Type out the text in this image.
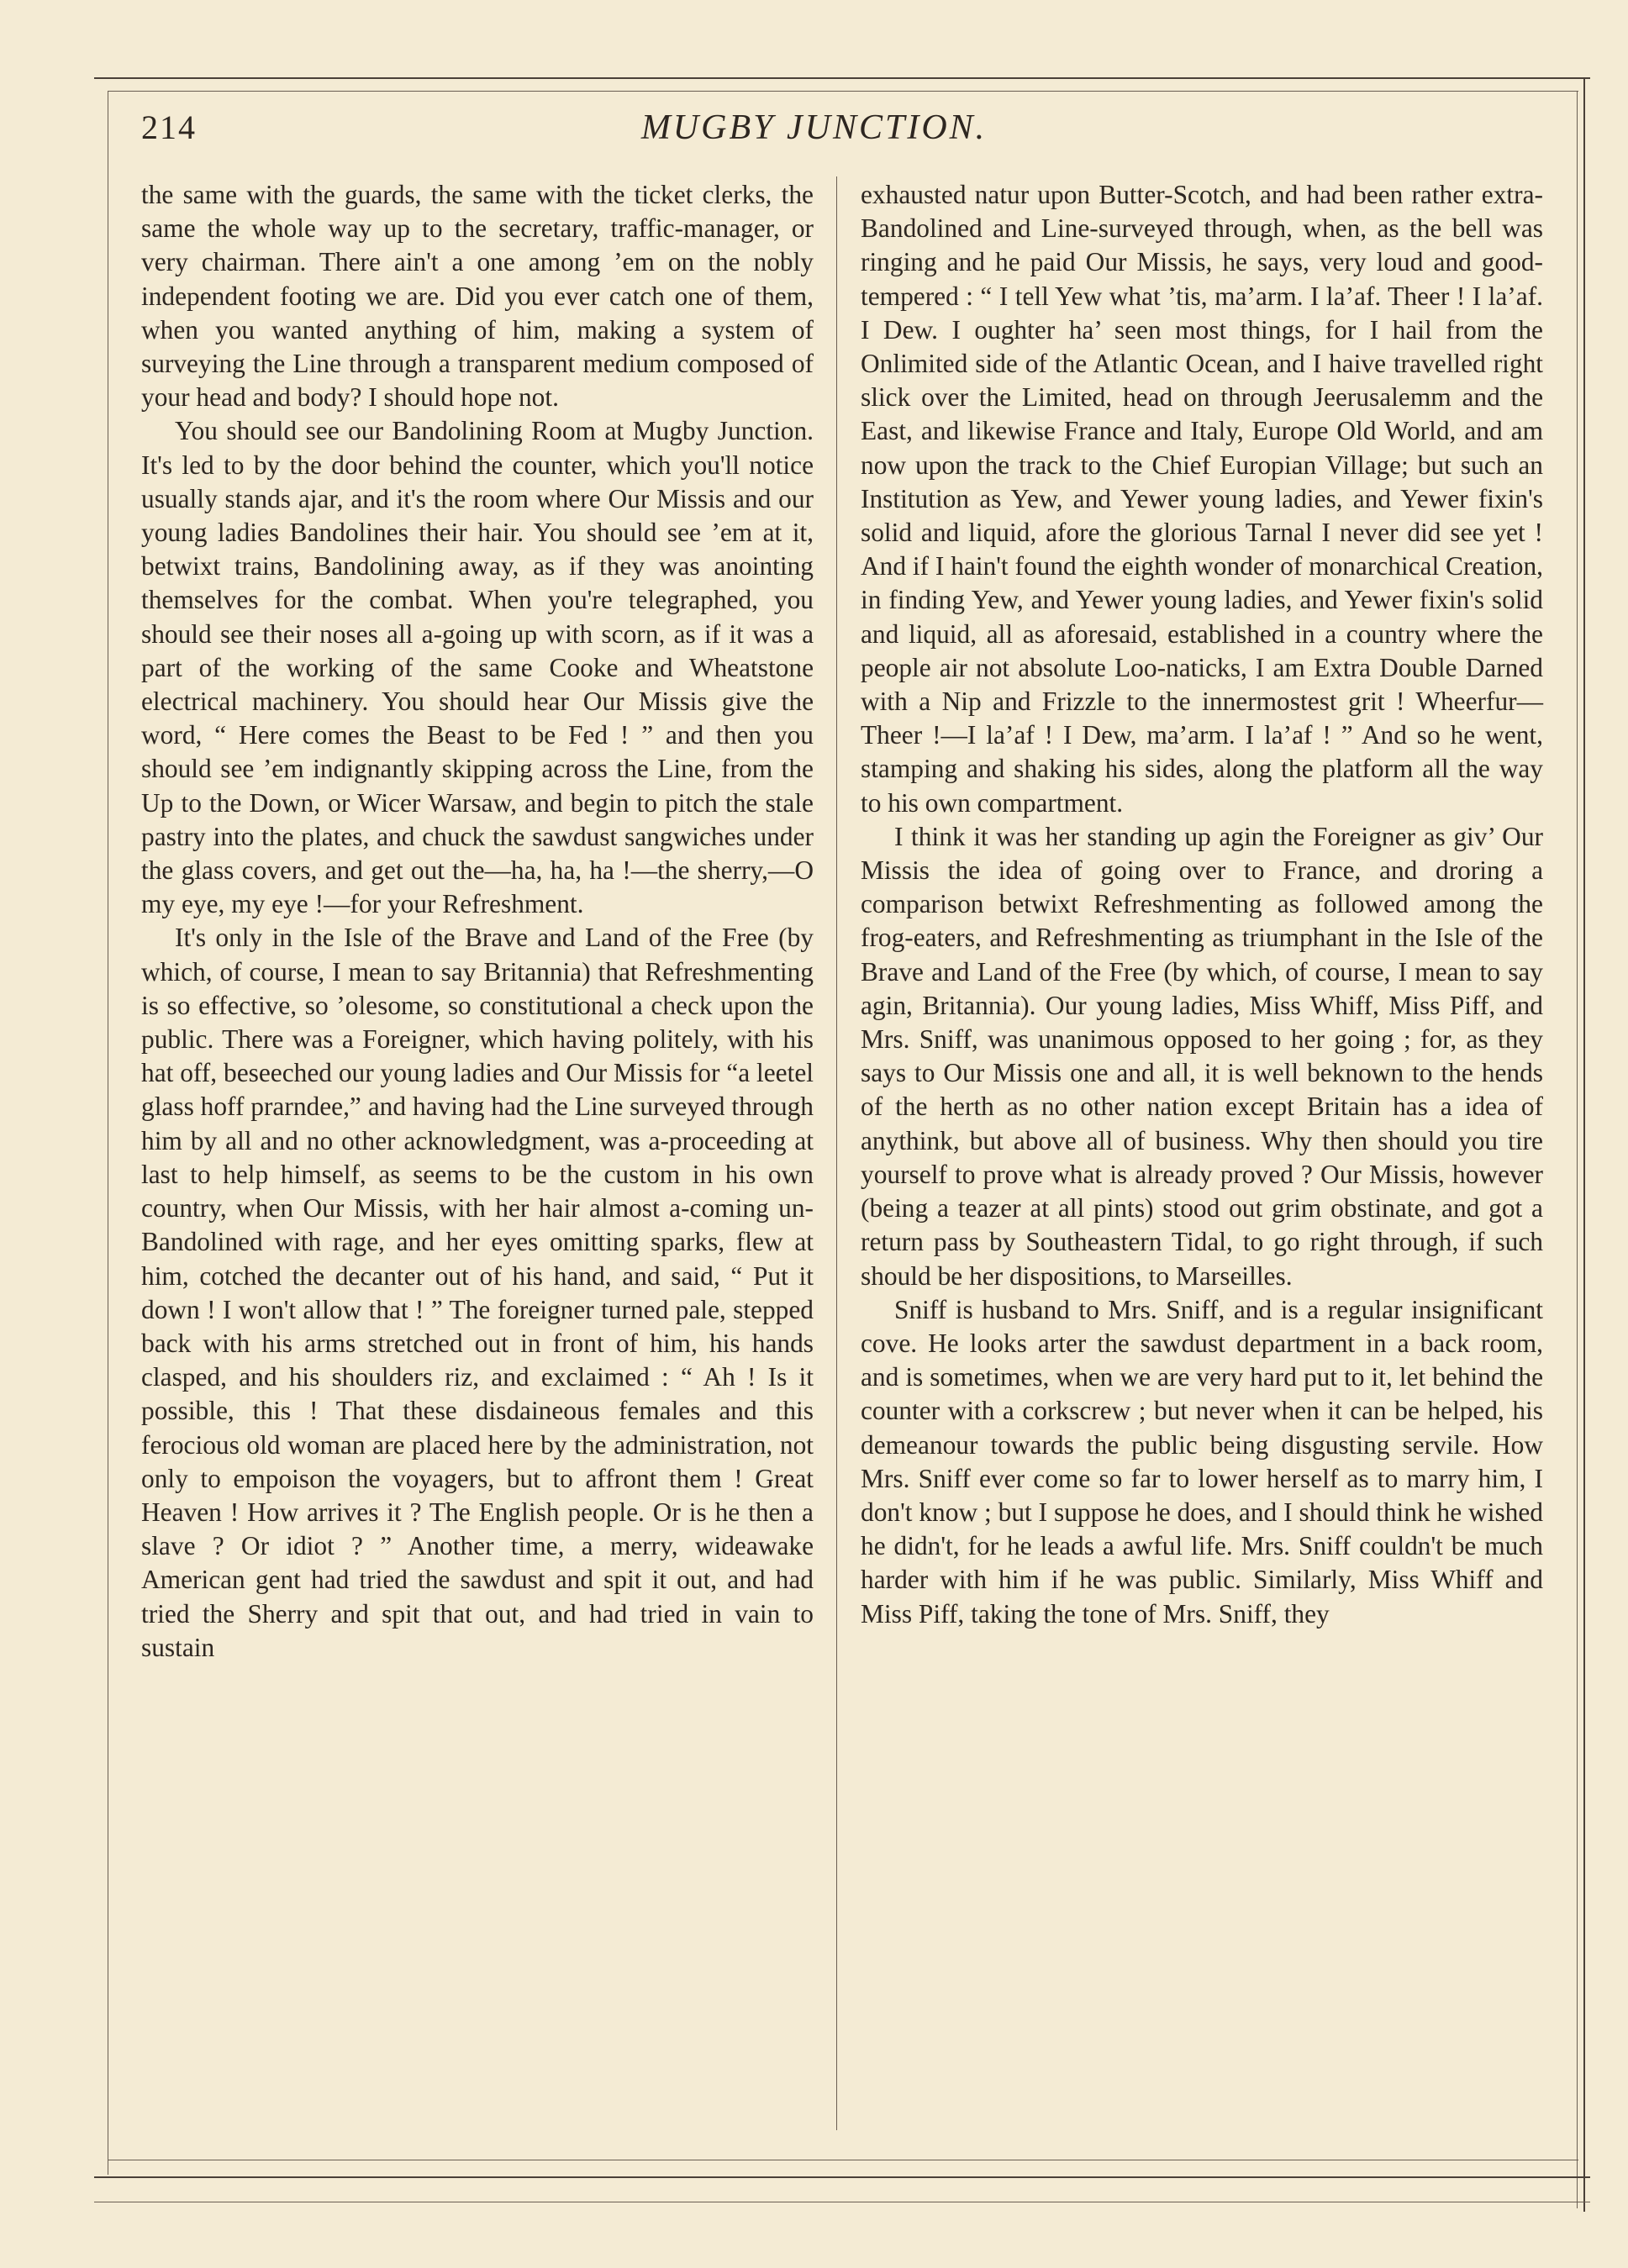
214	MUGBY JUNCTION.

the same with the guards, the same with the ticket clerks, the same the whole way up to the secretary, traffic-manager, or very chairman. There ain't a one among ’em on the nobly independent footing we are. Did you ever catch one of them, when you wanted anything of him, making a system of surveying the Line through a transparent medium composed of your head and body? I should hope not.

You should see our Bandolining Room at Mugby Junction. It's led to by the door behind the counter, which you'll notice usually stands ajar, and it's the room where Our Missis and our young ladies Bandolines their hair. You should see ’em at it, betwixt trains, Bandolining away, as if they was anointing themselves for the combat. When you're telegraphed, you should see their noses all a-going up with scorn, as if it was a part of the working of the same Cooke and Wheatstone electrical machinery. You should hear Our Missis give the word, “ Here comes the Beast to be Fed ! ” and then you should see ’em indignantly skipping across the Line, from the Up to the Down, or Wicer Warsaw, and begin to pitch the stale pastry into the plates, and chuck the sawdust sangwiches under the glass covers, and get out the—ha, ha, ha !—the sherry,—O my eye, my eye !—for your Refreshment.

It's only in the Isle of the Brave and Land of the Free (by which, of course, I mean to say Britannia) that Refreshmenting is so effective, so ’olesome, so constitutional a check upon the public. There was a Foreigner, which having politely, with his hat off, beseeched our young ladies and Our Missis for “a leetel glass hoff prarndee,” and having had the Line surveyed through him by all and no other acknowledgment, was a-proceeding at last to help himself, as seems to be the custom in his own country, when Our Missis, with her hair almost a-coming un-Bandolined with rage, and her eyes omitting sparks, flew at him, cotched the decanter out of his hand, and said, “ Put it down ! I won't allow that ! ” The foreigner turned pale, stepped back with his arms stretched out in front of him, his hands clasped, and his shoulders riz, and exclaimed : “ Ah ! Is it possible, this ! That these disdaineous females and this ferocious old woman are placed here by the administration, not only to empoison the voyagers, but to affront them ! Great Heaven ! How arrives it ? The English people. Or is he then a slave ? Or idiot ? ” Another time, a merry, wideawake American gent had tried the sawdust and spit it out, and had tried the Sherry and spit that out, and had tried in vain to sustain

exhausted natur upon Butter-Scotch, and had been rather extra-Bandolined and Line-surveyed through, when, as the bell was ringing and he paid Our Missis, he says, very loud and good-tempered : “ I tell Yew what ’tis, ma’arm. I la’af. Theer ! I la’af. I Dew. I oughter ha’ seen most things, for I hail from the Onlimited side of the Atlantic Ocean, and I haive travelled right slick over the Limited, head on through Jeerusalemm and the East, and likewise France and Italy, Europe Old World, and am now upon the track to the Chief Europian Village; but such an Institution as Yew, and Yewer young ladies, and Yewer fixin's solid and liquid, afore the glorious Tarnal I never did see yet ! And if I hain't found the eighth wonder of monarchical Creation, in finding Yew, and Yewer young ladies, and Yewer fixin's solid and liquid, all as aforesaid, established in a country where the people air not absolute Loo-naticks, I am Extra Double Darned with a Nip and Frizzle to the innermostest grit ! Wheerfur—Theer !—I la’af ! I Dew, ma’arm. I la’af ! ” And so he went, stamping and shaking his sides, along the platform all the way to his own compartment.

I think it was her standing up agin the Foreigner as giv’ Our Missis the idea of going over to France, and droring a comparison betwixt Refreshmenting as followed among the frog-eaters, and Refreshmenting as triumphant in the Isle of the Brave and Land of the Free (by which, of course, I mean to say agin, Britannia). Our young ladies, Miss Whiff, Miss Piff, and Mrs. Sniff, was unanimous opposed to her going ; for, as they says to Our Missis one and all, it is well beknown to the hends of the herth as no other nation except Britain has a idea of anythink, but above all of business. Why then should you tire yourself to prove what is already proved ? Our Missis, however (being a teazer at all pints) stood out grim obstinate, and got a return pass by Southeastern Tidal, to go right through, if such should be her dispositions, to Marseilles.

Sniff is husband to Mrs. Sniff, and is a regular insignificant cove. He looks arter the sawdust department in a back room, and is sometimes, when we are very hard put to it, let behind the counter with a corkscrew ; but never when it can be helped, his demeanour towards the public being disgusting servile. How Mrs. Sniff ever come so far to lower herself as to marry him, I don't know ; but I suppose he does, and I should think he wished he didn't, for he leads a awful life. Mrs. Sniff couldn't be much harder with him if he was public. Similarly, Miss Whiff and Miss Piff, taking the tone of Mrs. Sniff, they
